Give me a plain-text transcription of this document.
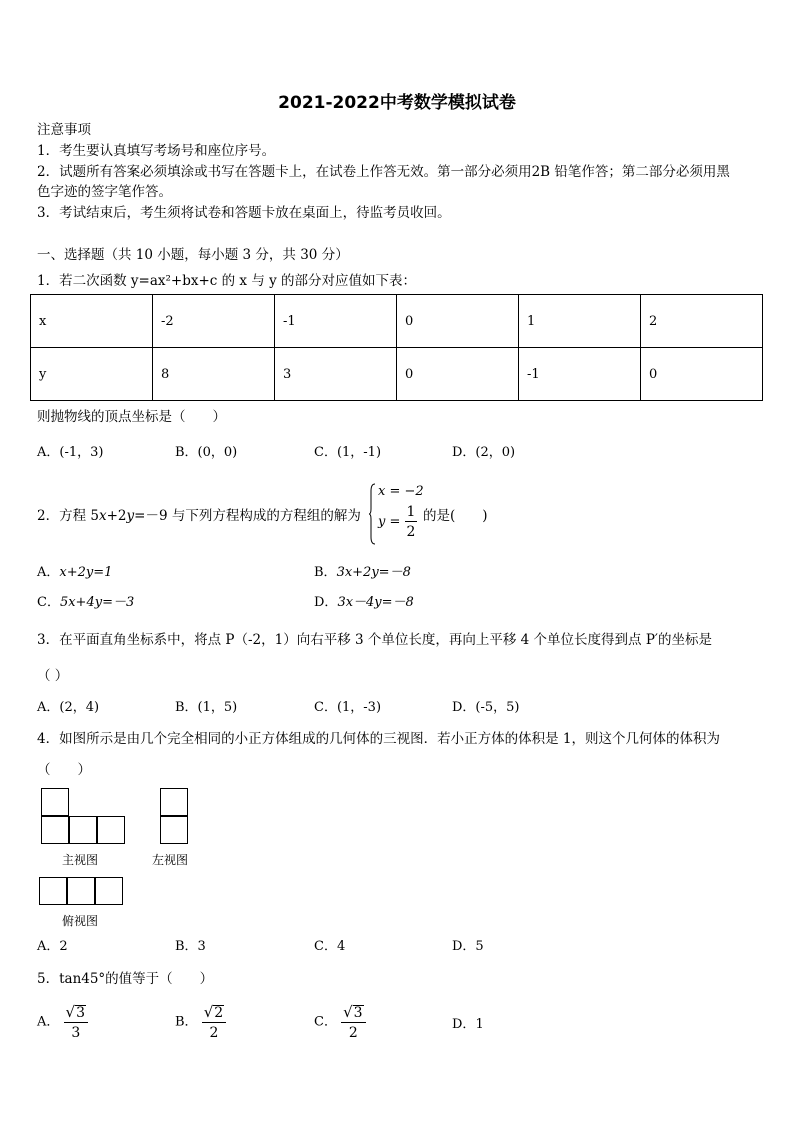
2021-2022中考数学模拟试卷
注意事项
1．考生要认真填写考场号和座位序号。
2．试题所有答案必须填涂或书写在答题卡上，在试卷上作答无效。第一部分必须用2B 铅笔作答；第二部分必须用黑
色字迹的签字笔作答。
3．考试结束后，考生须将试卷和答题卡放在桌面上，待监考员收回。
一、选择题（共 10 小题，每小题 3 分，共 30 分）
1．若二次函数 y=ax²+bx+c 的 x 与 y 的部分对应值如下表：
x	-2	-1	0	1	2
y	8	3	0	-1	0
则抛物线的顶点坐标是（　　）
A．(-1，3)	B．(0，0)	C．(1，-1)	D．(2，0)
2．方程 5x+2y=－9 与下列方程构成的方程组的解为
x = −2
$y = \frac{1}{2}$ 的是(　　)
A．x+2y=1	B．3x+2y=－8
C．5x+4y=－3	D．3x－4y=－8
3．在平面直角坐标系中，将点 P（-2，1）向右平移 3 个单位长度，再向上平移 4 个单位长度得到点 P′的坐标是
（ ）
A．(2，4)	B．(1，5)	C．(1，-3)	D．(-5，5)
4．如图所示是由几个完全相同的小正方体组成的几何体的三视图．若小正方体的体积是 1，则这个几何体的体积为
（　　）
主视图	左视图
俯视图
A．2	B．3	C．4	D．5
5．tan45°的值等于（　　）
A． $\frac{√3}{3}$	B． $\frac{√2}{2}$	C． $\frac{√3}{2}$	D．1
